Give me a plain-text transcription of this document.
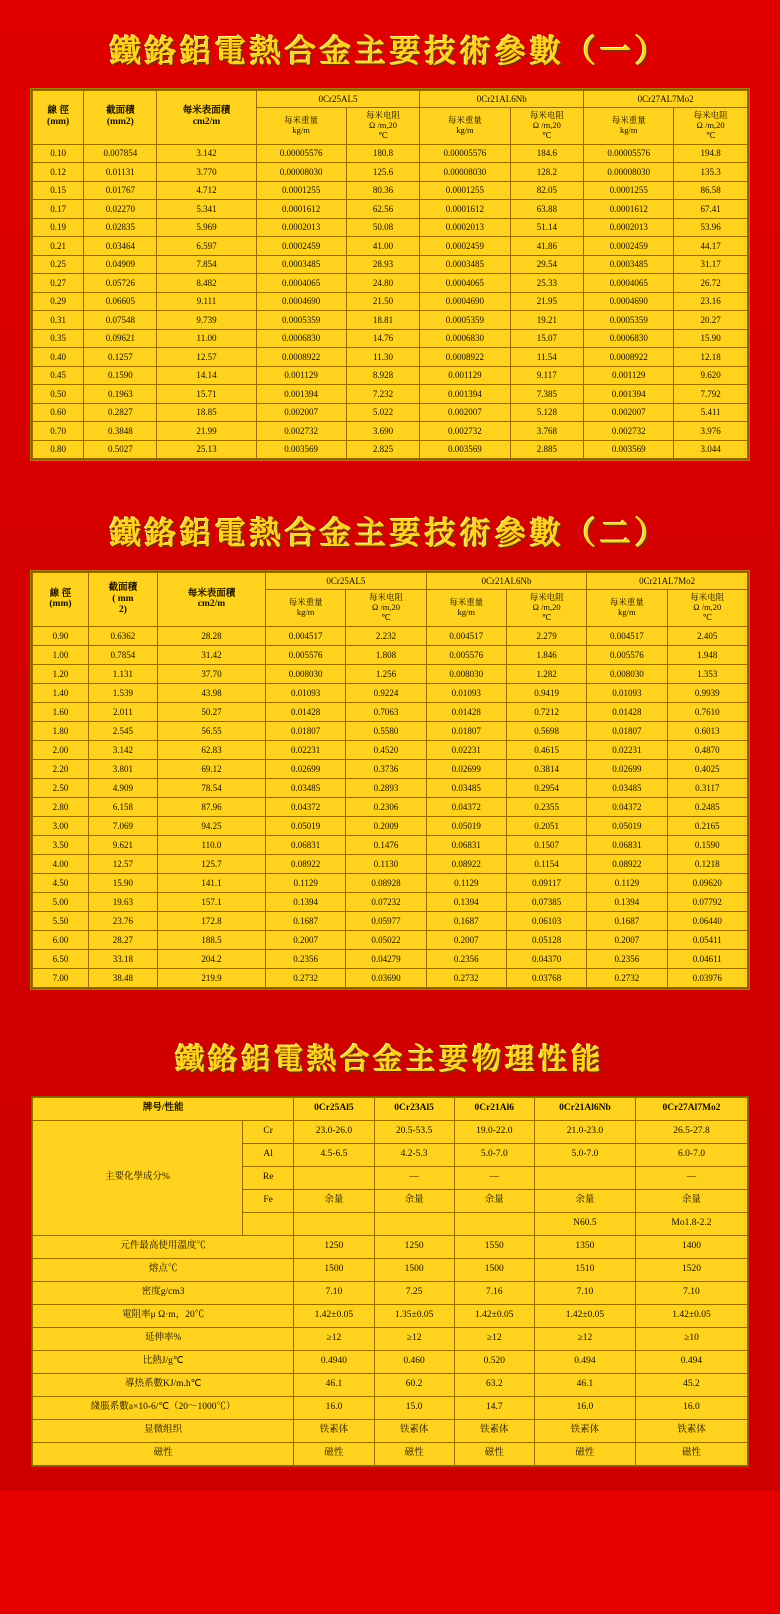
鐵鉻鋁電熱合金主要技術參數（一）
線 徑
(mm)

截面積
(mm2)

每米表面積
cm2/m
	0Cr25AL5	0Cr21AL6Nb	0Cr27AL7Mo2

每米重量
kg/m

每米电阻
Ω /m,20
℃

每米重量
kg/m

每米电阻
Ω /m,20
℃

每米重量
kg/m

每米电阻
Ω /m,20
℃

0.10	0.007854	3.142	0.00005576	180.8	0.00005576	184.6	0.00005576	194.8
0.12	0.01131	3.770	0.00008030	125.6	0.00008030	128.2	0.00008030	135.3
0.15	0.01767	4.712	0.0001255	80.36	0.0001255	82.05	0.0001255	86.58
0.17	0.02270	5.341	0.0001612	62.56	0.0001612	63.88	0.0001612	67.41
0.19	0.02835	5.969	0.0002013	50.08	0.0002013	51.14	0.0002013	53.96
0.21	0.03464	6.597	0.0002459	41.00	0.0002459	41.86	0.0002459	44.17
0.25	0.04909	7.854	0.0003485	28.93	0.0003485	29.54	0.0003485	31.17
0.27	0.05726	8.482	0.0004065	24.80	0.0004065	25.33	0.0004065	26.72
0.29	0.06605	9.111	0.0004690	21.50	0.0004690	21.95	0.0004690	23.16
0.31	0.07548	9.739	0.0005359	18.81	0.0005359	19.21	0.0005359	20.27
0.35	0.09621	11.00	0.0006830	14.76	0.0006830	15.07	0.0006830	15.90
0.40	0.1257	12.57	0.0008922	11.30	0.0008922	11.54	0.0008922	12.18
0.45	0.1590	14.14	0.001129	8.928	0.001129	9.117	0.001129	9.620
0.50	0.1963	15.71	0.001394	7.232	0.001394	7.385	0.001394	7.792
0.60	0.2827	18.85	0.002007	5.022	0.002007	5.128	0.002007	5.411
0.70	0.3848	21.99	0.002732	3.690	0.002732	3.768	0.002732	3.976
0.80	0.5027	25.13	0.003569	2.825	0.003569	2.885	0.003569	3.044
鐵鉻鋁電熱合金主要技術參數（二）
線 徑
(mm)

截面積
( mm
2)

每米表面積
cm2/m
	0Cr25AL5	0Cr21AL6Nb	0Cr21AL7Mo2

每米重量
kg/m

每米电阻
Ω /m,20
℃

每米重量
kg/m

每米电阻
Ω /m,20
℃

每米重量
kg/m

每米电阻
Ω /m,20
℃

0.90	0.6362	28.28	0.004517	2.232	0.004517	2.279	0.004517	2.405
1.00	0.7854	31.42	0.005576	1.808	0.005576	1.846	0.005576	1.948
1.20	1.131	37.70	0.008030	1.256	0.008030	1.282	0.008030	1.353
1.40	1.539	43.98	0.01093	0.9224	0.01093	0.9419	0.01093	0.9939
1.60	2.011	50.27	0.01428	0.7063	0.01428	0.7212	0.01428	0.7610
1.80	2.545	56.55	0.01807	0.5580	0.01807	0.5698	0.01807	0.6013
2.00	3.142	62.83	0.02231	0.4520	0.02231	0.4615	0.02231	0.4870
2.20	3.801	69.12	0.02699	0.3736	0.02699	0.3814	0.02699	0.4025
2.50	4.909	78.54	0.03485	0.2893	0.03485	0.2954	0.03485	0.3117
2.80	6.158	87.96	0.04372	0.2306	0.04372	0.2355	0.04372	0.2485
3.00	7.069	94.25	0.05019	0.2009	0.05019	0.2051	0.05019	0.2165
3.50	9.621	110.0	0.06831	0.1476	0.06831	0.1507	0.06831	0.1590
4.00	12.57	125.7	0.08922	0.1130	0.08922	0.1154	0.08922	0.1218
4.50	15.90	141.1	0.1129	0.08928	0.1129	0.09117	0.1129	0.09620
5.00	19.63	157.1	0.1394	0.07232	0.1394	0.07385	0.1394	0.07792
5.50	23.76	172.8	0.1687	0.05977	0.1687	0.06103	0.1687	0.06440
6.00	28.27	188.5	0.2007	0.05022	0.2007	0.05128	0.2007	0.05411
6.50	33.18	204.2	0.2356	0.04279	0.2356	0.04370	0.2356	0.04611
7.00	38.48	219.9	0.2732	0.03690	0.2732	0.03768	0.2732	0.03976
鐵鉻鋁電熱合金主要物理性能
牌号/性能		0Cr25Al5	0Cr23Al5	0Cr21Al6	0Cr21Al6Nb	0Cr27Al7Mo2
主要化學成分%	Cr	23.0-26.0	20.5-53.5	19.0-22.0	21.0-23.0	26.5-27.8
	Al	4.5-6.5	4.2-5.3	5.0-7.0	5.0-7.0	6.0-7.0
	Re		—	—		—
	Fe	余量	余量	余量	余量	余量
					N60.5	Mo1.8-2.2
元件最高使用溫度℃		1250	1250	1550	1350	1400
熔点℃		1500	1500	1500	1510	1520
密度g/cm3		7.10	7.25	7.16	7.10	7.10
電阻率μ Ω·m，20℃		1.42±0.05	1.35±0.05	1.42±0.05	1.42±0.05	1.42±0.05
延伸率%		≥12	≥12	≥12	≥12	≥10
比熱J/g℃		0.4940	0.460	0.520	0.494	0.494
導热系數KJ/m.h℃		46.1	60.2	63.2	46.1	45.2
綫脹系數a×10-6/℃（20～1000℃）		16.0	15.0	14.7	16.0	16.0
显微组织		铁素体	铁素体	铁素体	铁素体	铁素体
磁性		磁性	磁性	磁性	磁性	磁性
